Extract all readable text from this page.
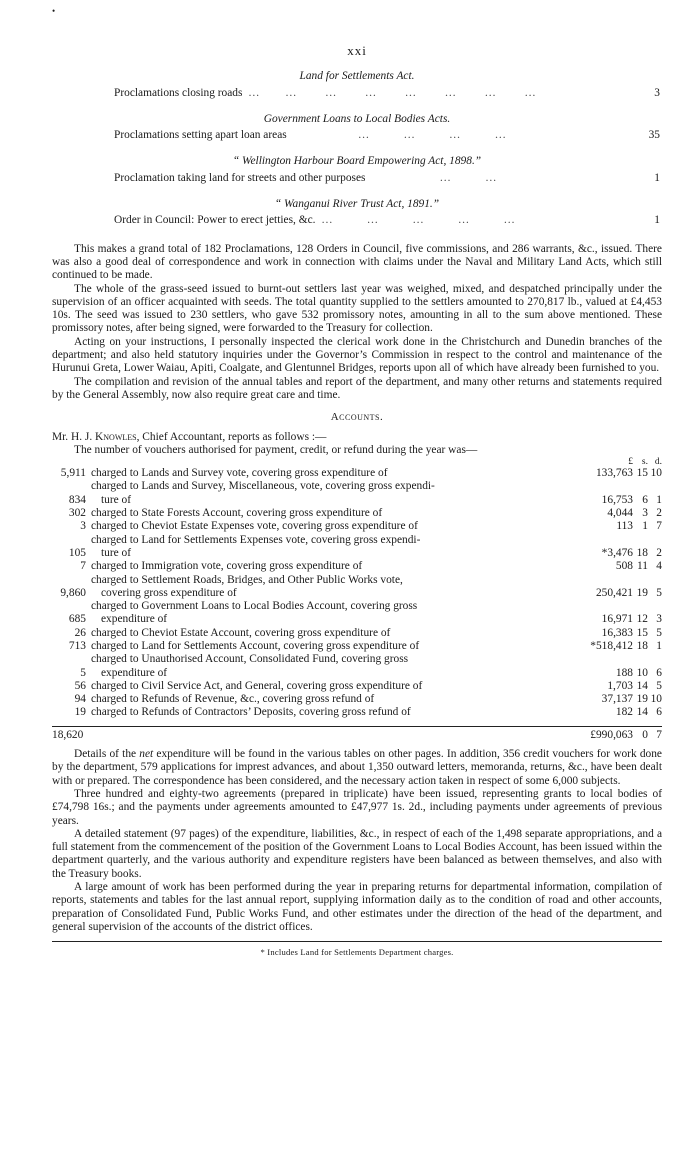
•
xxi
Land for Settlements Act.
Proclamations closing roads …         …          …          …          …          …          …          …	3
Government Loans to Local Bodies Acts.
Proclamations setting apart loan areas …            …            …            …	35
“ Wellington Harbour Board Empowering Act, 1898.”
Proclamation taking land for streets and other purposes …            …	1
“ Wanganui River Trust Act, 1891.”
Order in Council: Power to erect jetties, &c. …            …            …            …            …	1

This makes a grand total of 182 Proclamations, 128 Orders in Council, five commissions, and 286 warrants, &c., issued. There was also a good deal of correspondence and work in connection with claims under the Naval and Military Land Acts, which still continued to be made.

The whole of the grass-seed issued to burnt-out settlers last year was weighed, mixed, and despatched principally under the supervision of an officer acquainted with seeds. The total quantity supplied to the settlers amounted to 270,817 lb., valued at £4,453 10s. The seed was issued to 230 settlers, who gave 532 promissory notes, amounting in all to the sum above mentioned. These promissory notes, after being signed, were forwarded to the Treasury for collection.

Acting on your instructions, I personally inspected the clerical work done in the Christchurch and Dunedin branches of the department; and also held statutory inquiries under the Governor’s Commission in respect to the control and maintenance of the Hurunui Greta, Lower Waiau, Apiti, Coalgate, and Glentunnel Bridges, reports upon all of which have already been furnished to you.

The compilation and revision of the annual tables and report of the department, and many other returns and statements required by the General Assembly, now also require great care and time.

Accounts.
Mr. H. J. Knowles, Chief Accountant, reports as follows :—
The number of vouchers authorised for payment, credit, or refund during the year was—
£ s. d.
5,911 charged to Lands and Survey vote, covering gross expenditure of	133,763 15 10
834
charged to Lands and Survey, Miscellaneous, vote, covering gross expendi-
ture of	16,753 6 1
302 charged to State Forests Account, covering gross expenditure of	4,044 3 2
3 charged to Cheviot Estate Expenses vote, covering gross expenditure of	113 1 7
105
charged to Land for Settlements Expenses vote, covering gross expendi-
ture of	*3,476 18 2
7 charged to Immigration vote, covering gross expenditure of	508 11 4
9,860
charged to Settlement Roads, Bridges, and Other Public Works vote,
covering gross expenditure of	250,421 19 5
685
charged to Government Loans to Local Bodies Account, covering gross
expenditure of	16,971 12 3
26 charged to Cheviot Estate Account, covering gross expenditure of	16,383 15 5
713 charged to Land for Settlements Account, covering gross expenditure of	*518,412 18 1
5
charged to Unauthorised Account, Consolidated Fund, covering gross
expenditure of	188 10 6
56 charged to Civil Service Act, and General, covering gross expenditure of	1,703 14 5
94 charged to Refunds of Revenue, &c., covering gross refund of	37,137 19 10
19 charged to Refunds of Contractors’ Deposits, covering gross refund of	182 14 6
18,620	£990,063 0 7

Details of the net expenditure will be found in the various tables on other pages. In addition, 356 credit vouchers for work done by the department, 579 applications for imprest advances, and about 1,350 outward letters, memoranda, returns, &c., have been dealt with or prepared. The correspondence has been considered, and the necessary action taken in respect of some 6,000 subjects.

Three hundred and eighty-two agreements (prepared in triplicate) have been issued, representing grants to local bodies of £74,798 16s.; and the payments under agreements amounted to £47,977 1s. 2d., including payments under agreements of previous years.

A detailed statement (97 pages) of the expenditure, liabilities, &c., in respect of each of the 1,498 separate appropriations, and a full statement from the commencement of the position of the Government Loans to Local Bodies Account, has been issued within the department quarterly, and the various authority and expenditure registers have been balanced as between themselves, and also with the Treasury books.

A large amount of work has been performed during the year in preparing returns for departmental information, compilation of reports, statements and tables for the last annual report, supplying information daily as to the condition of road and other accounts, preparation of Consolidated Fund, Public Works Fund, and other estimates under the direction of the head of the department, and general supervision of the accounts of the district offices.

* Includes Land for Settlements Department charges.
